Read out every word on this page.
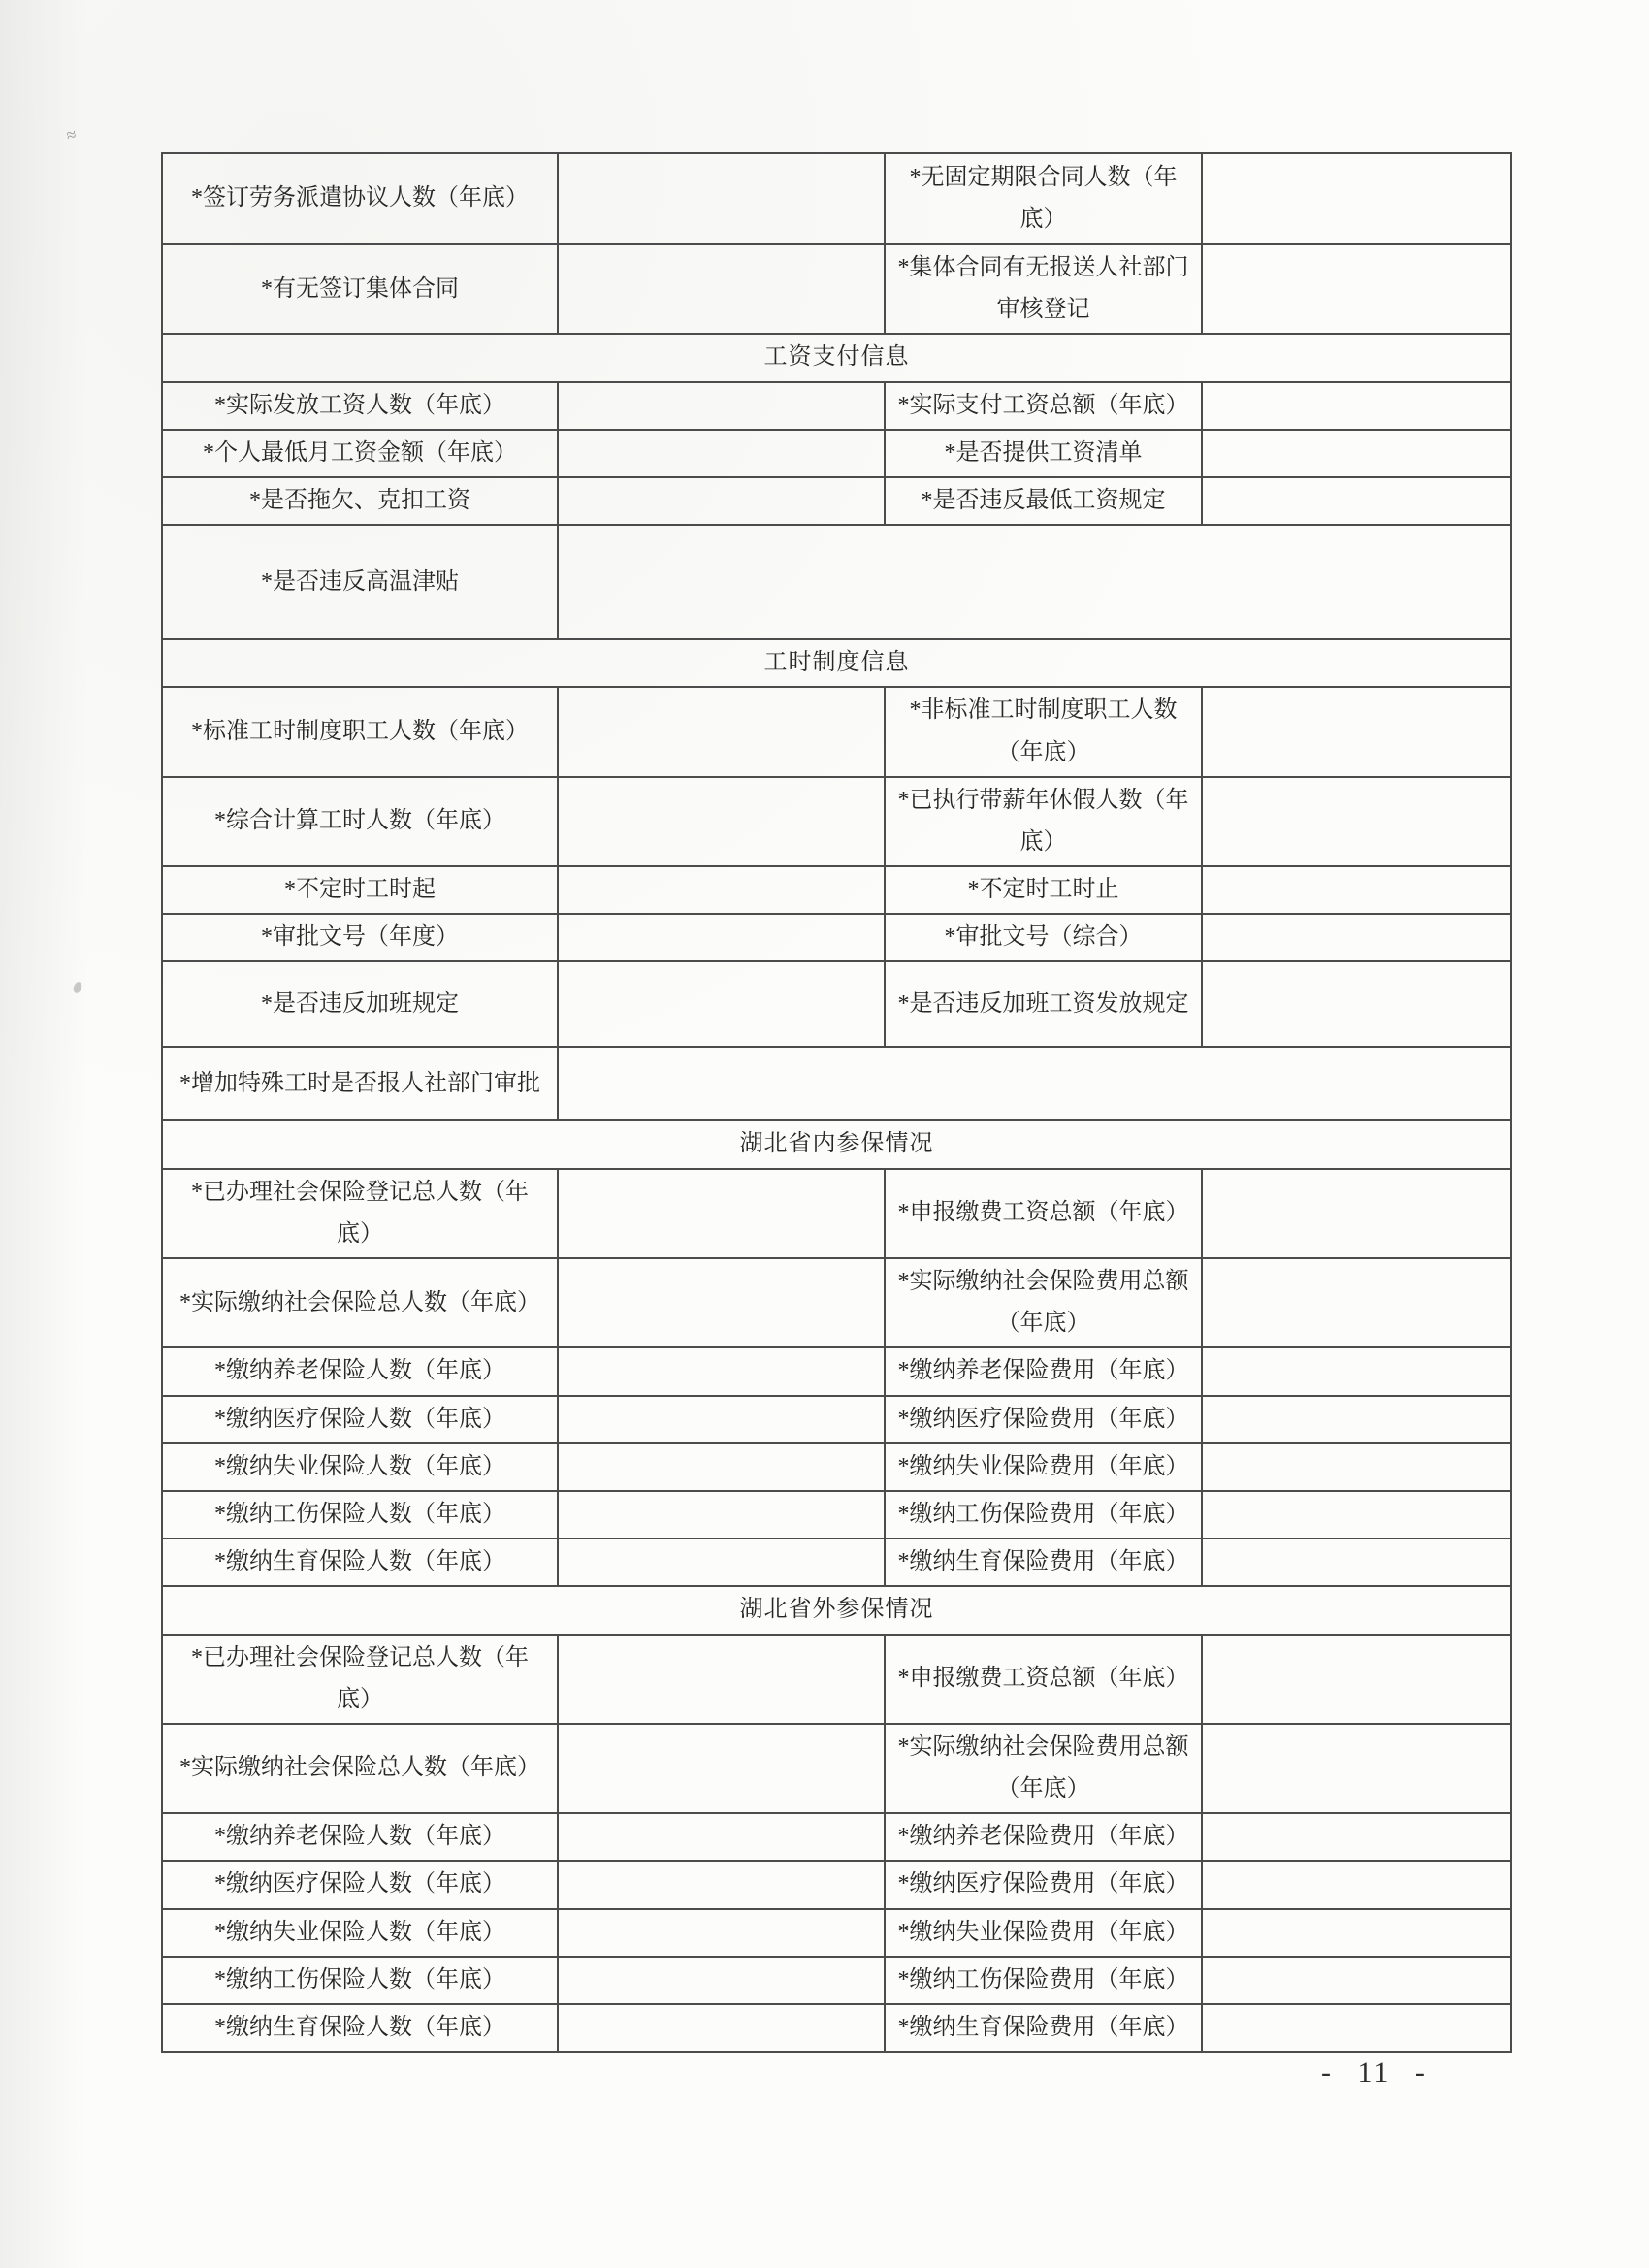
≈
*签订劳务派遣协议人数（年底）		*无固定期限合同人数（年底）	
*有无签订集体合同		*集体合同有无报送人社部门审核登记	
工资支付信息			
*实际发放工资人数（年底）		*实际支付工资总额（年底）	
*个人最低月工资金额（年底）		*是否提供工资清单	
*是否拖欠、克扣工资		*是否违反最低工资规定	
*是否违反高温津贴			
工时制度信息			
*标准工时制度职工人数（年底）		*非标准工时制度职工人数（年底）	
*综合计算工时人数（年底）		*已执行带薪年休假人数（年底）	
*不定时工时起		*不定时工时止	
*审批文号（年度）		*审批文号（综合）	
*是否违反加班规定		*是否违反加班工资发放规定	
*增加特殊工时是否报人社部门审批			
湖北省内参保情况			
*已办理社会保险登记总人数（年底）		*申报缴费工资总额（年底）	
*实际缴纳社会保险总人数（年底）		*实际缴纳社会保险费用总额（年底）	
*缴纳养老保险人数（年底）		*缴纳养老保险费用（年底）	
*缴纳医疗保险人数（年底）		*缴纳医疗保险费用（年底）	
*缴纳失业保险人数（年底）		*缴纳失业保险费用（年底）	
*缴纳工伤保险人数（年底）		*缴纳工伤保险费用（年底）	
*缴纳生育保险人数（年底）		*缴纳生育保险费用（年底）	
湖北省外参保情况			
*已办理社会保险登记总人数（年底）		*申报缴费工资总额（年底）	
*实际缴纳社会保险总人数（年底）		*实际缴纳社会保险费用总额（年底）	
*缴纳养老保险人数（年底）		*缴纳养老保险费用（年底）	
*缴纳医疗保险人数（年底）		*缴纳医疗保险费用（年底）	
*缴纳失业保险人数（年底）		*缴纳失业保险费用（年底）	
*缴纳工伤保险人数（年底）		*缴纳工伤保险费用（年底）	
*缴纳生育保险人数（年底）		*缴纳生育保险费用（年底）	
- 11 -
